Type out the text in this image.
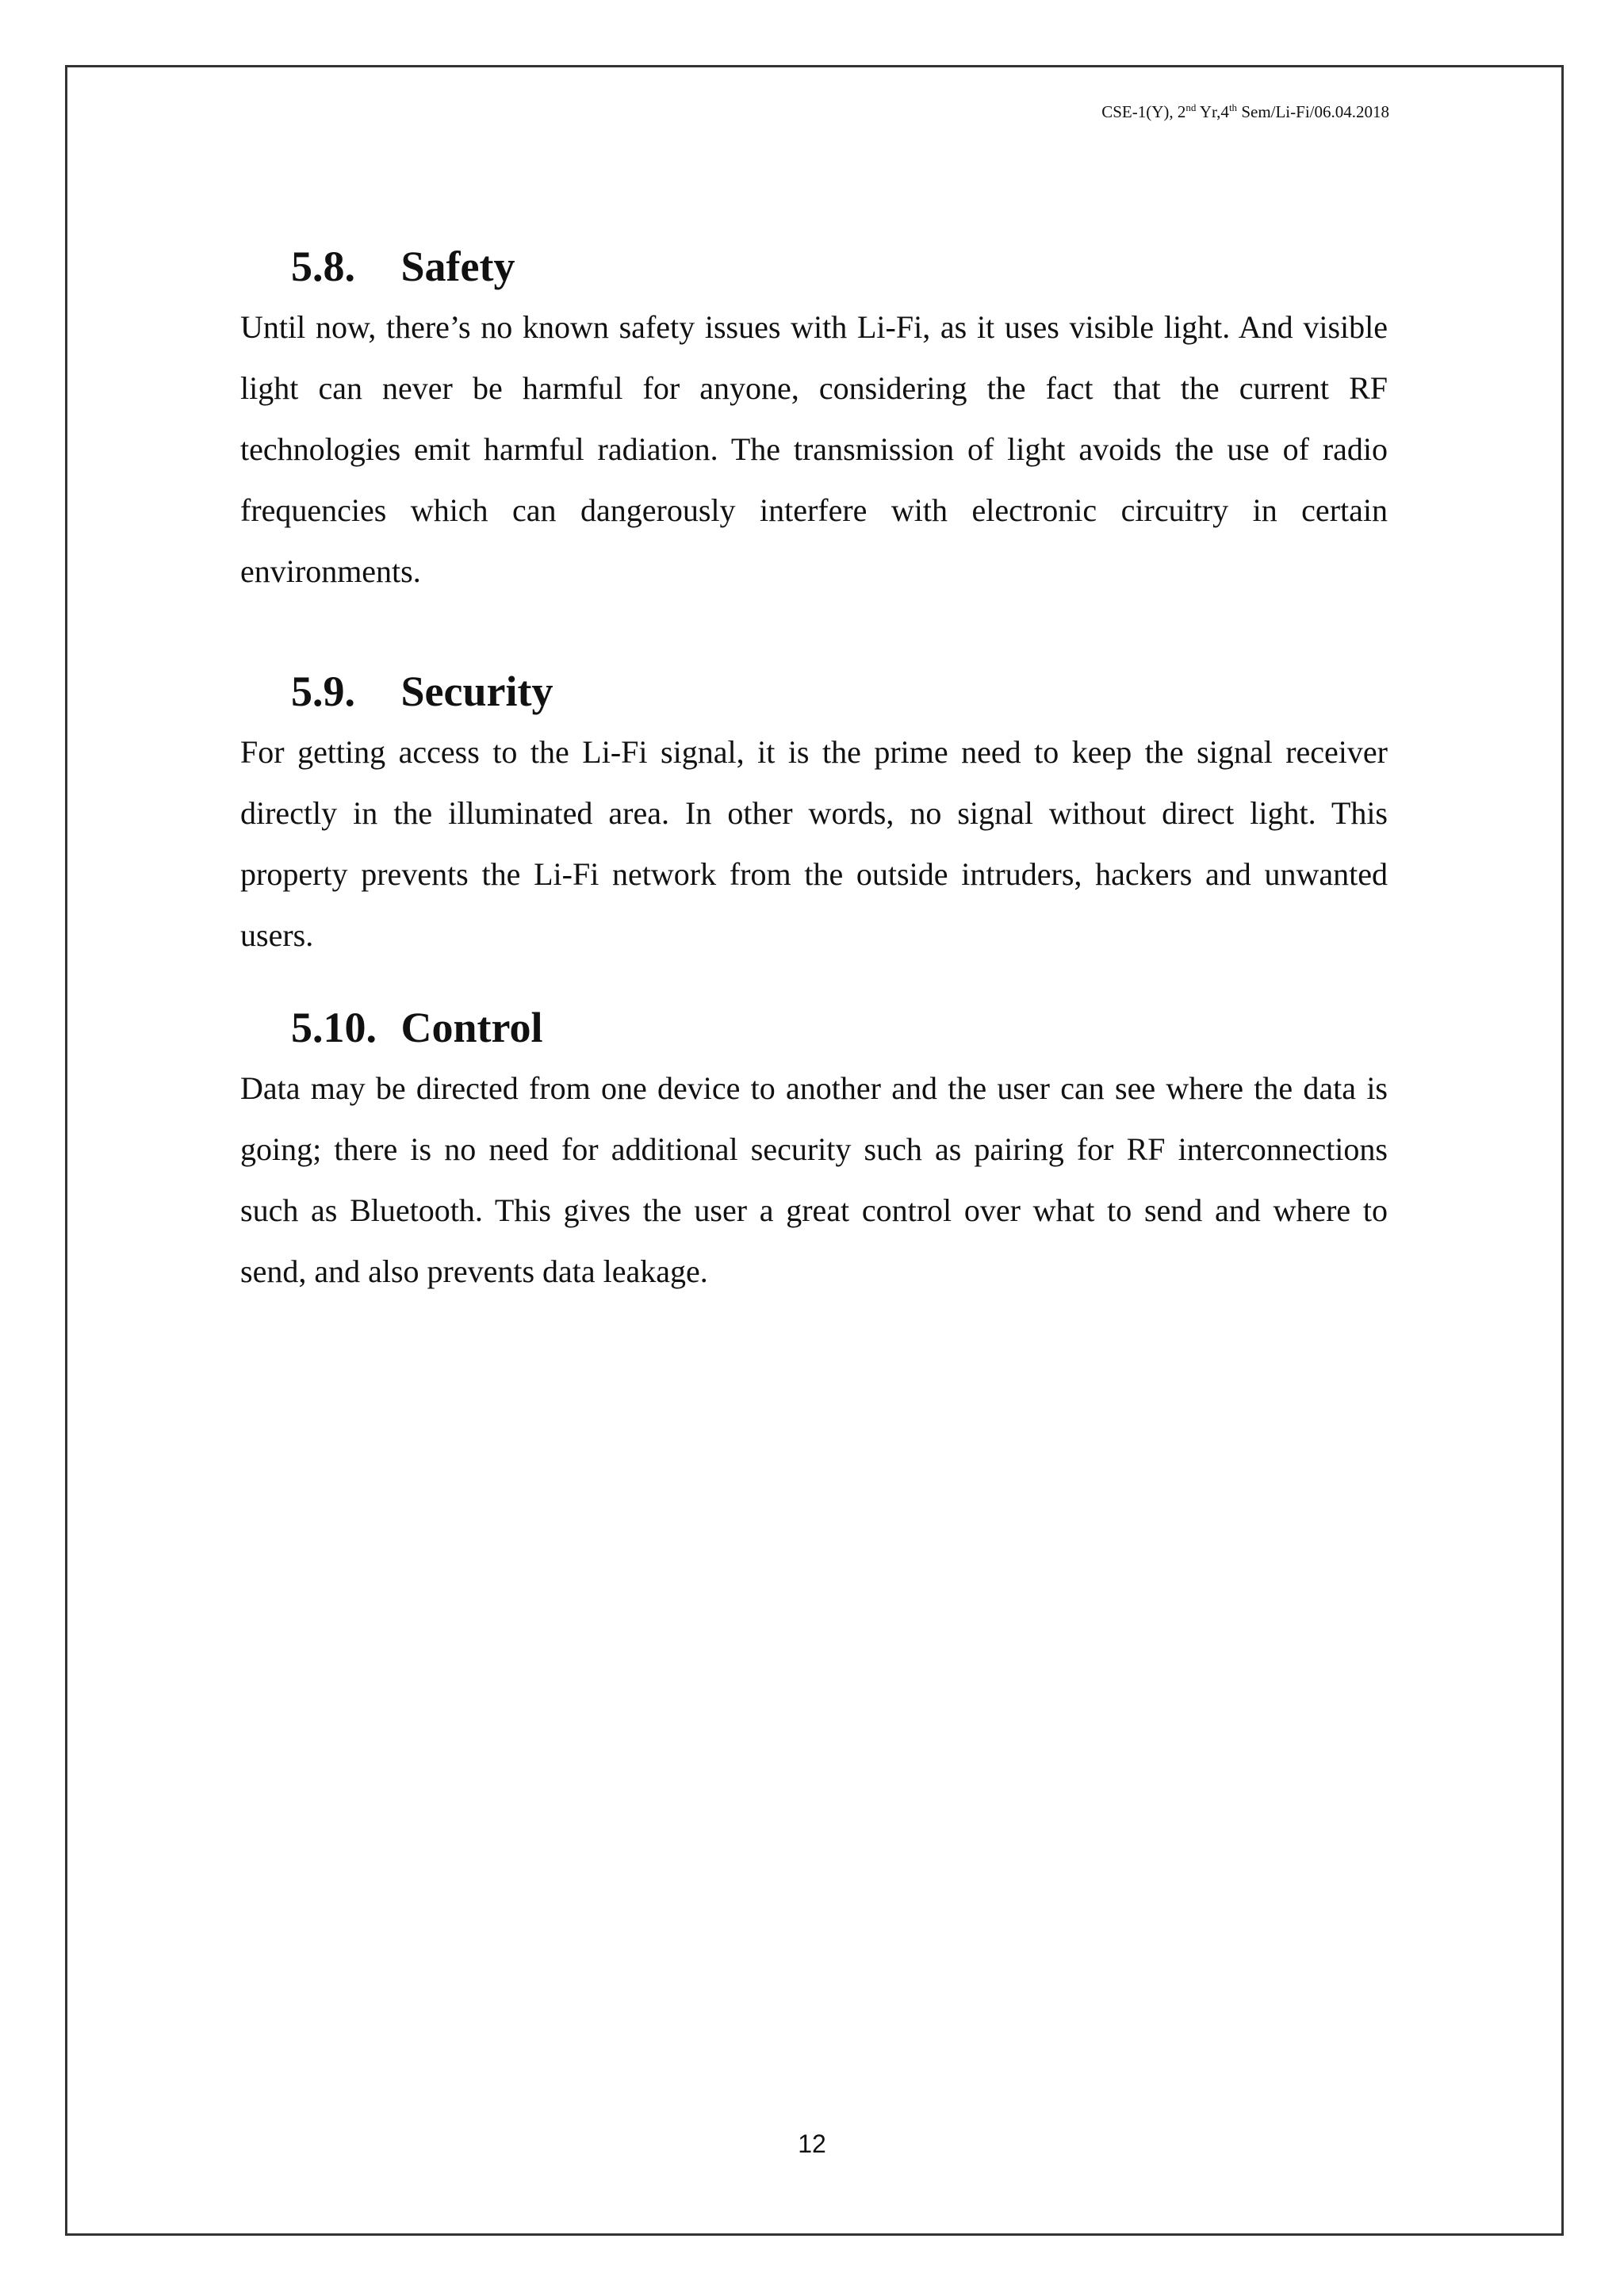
CSE-1(Y), 2nd Yr,4th Sem/Li-Fi/06.04.2018
5.8. Safety

Until now, there’s no known safety issues with Li-Fi, as it uses visible light. And visible light can never be harmful for anyone, considering the fact that the current RF technologies emit harmful radiation. The transmission of light avoids the use of radio frequencies which can dangerously interfere with electronic circuitry in certain environments.

5.9. Security

For getting access to the Li-Fi signal, it is the prime need to keep the signal receiver directly in the illuminated area. In other words, no signal without direct light. This property prevents the Li-Fi network from the outside intruders, hackers and unwanted users.

5.10. Control

Data may be directed from one device to another and the user can see where the data is going; there is no need for additional security such as pairing for RF interconnections such as Bluetooth. This gives the user a great control over what to send and where to send, and also prevents data leakage.

12
